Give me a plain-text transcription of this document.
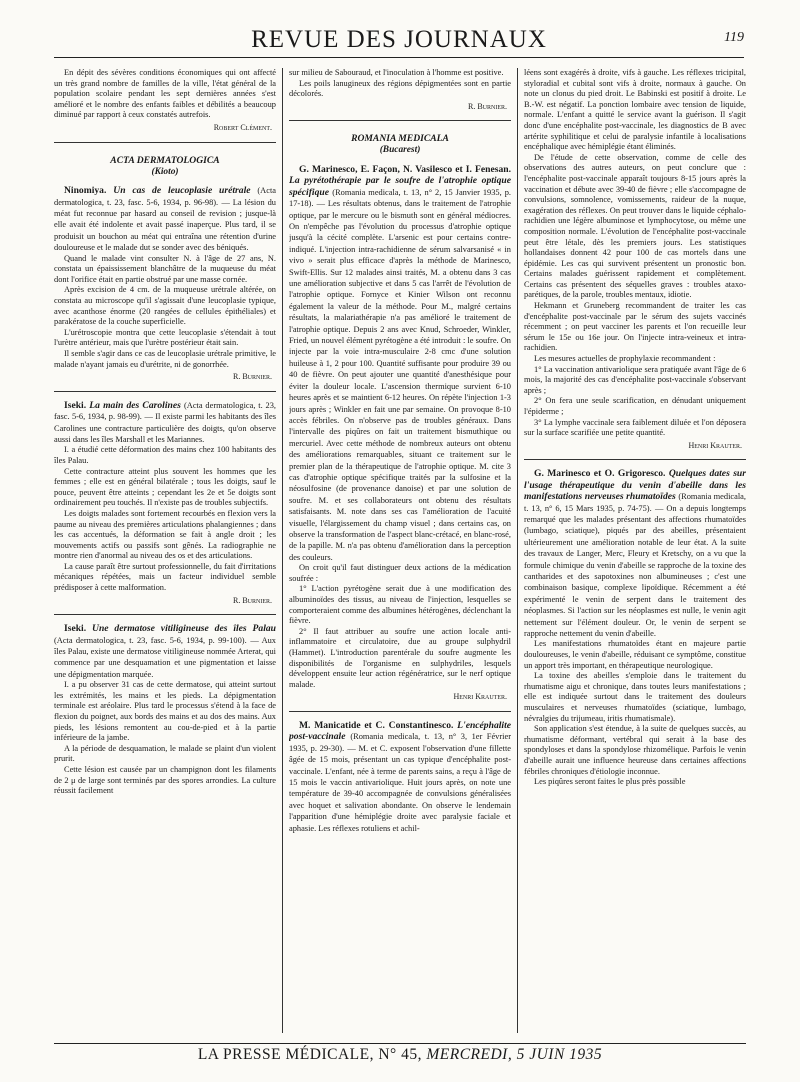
REVUE DES JOURNAUX	119

En dépit des sévères conditions économiques qui ont affecté un très grand nombre de familles de la ville, l'état général de la population scolaire pendant les sept dernières années s'est amélioré et le nombre des enfants faibles et débilités a beaucoup diminué par rapport à ceux constatés autrefois.

Robert Clément.
ACTA DERMATOLOGICA
(Kioto)
Ninomiya. Un cas de leucoplasie urétrale (Acta dermatologica, t. 23, fasc. 5-6, 1934, p. 96-98). — La lésion du méat fut reconnue par hasard au conseil de revision ; jusque-là elle avait été indolente et avait passé inaperçue. Plus tard, il se produisit un bouchon au méat qui entraîna une rétention d'urine douloureuse et le malade dut se sonder avec des béniqués.

Quand le malade vint consulter N. à l'âge de 27 ans, N. constata un épaississement blanchâtre de la muqueuse du méat dont l'orifice était en partie obstrué par une masse cornée.

Après excision de 4 cm. de la muqueuse urétrale altérée, on constata au microscope qu'il s'agissait d'une leucoplasie typique, avec acanthose énorme (20 rangées de cellules épithéliales) et parakératose de la couche superficielle.

L'urétroscopie montra que cette leucoplasie s'étendait à tout l'urètre antérieur, mais que l'urètre postérieur était sain.

Il semble s'agir dans ce cas de leucoplasie urétrale primitive, le malade n'ayant jamais eu d'urétrite, ni de gonorrhée.

R. Burnier.
Iseki. La main des Carolines (Acta dermatologica, t. 23, fasc. 5-6, 1934, p. 98-99). — Il existe parmi les habitants des îles Carolines une contracture particulière des doigts, qu'on observe aussi dans les îles Marshall et les Mariannes.

I. a étudié cette déformation des mains chez 100 habitants des îles Palau.

Cette contracture atteint plus souvent les hommes que les femmes ; elle est en général bilatérale ; tous les doigts, sauf le pouce, peuvent être atteints ; cependant les 2e et 5e doigts sont ordinairement peu touchés. Il n'existe pas de troubles subjectifs.

Les doigts malades sont fortement recourbés en flexion vers la paume au niveau des premières articulations phalangiennes ; dans les cas accentués, la déformation se fait à angle droit ; les mouvements actifs ou passifs sont gênés. La radiographie ne montre rien d'anormal au niveau des os et des articulations.

La cause paraît être surtout professionnelle, du fait d'irritations mécaniques répétées, mais un facteur individuel semble prédisposer à cette malformation.

R. Burnier.
Iseki. Une dermatose vitiligineuse des îles Palau (Acta dermatologica, t. 23, fasc. 5-6, 1934, p. 99-100). — Aux îles Palau, existe une dermatose vitiligineuse nommée Arterat, qui commence par une desquamation et une pigmentation et laisse une dépigmentation marquée.

I. a pu observer 31 cas de cette dermatose, qui atteint surtout les extrémités, les mains et les pieds. La dépigmentation terminale est aréolaire. Plus tard le processus s'étend à la face de flexion du poignet, aux bords des mains et au dos des mains. Aux pieds, les lésions remontent au cou-de-pied et à la partie inférieure de la jambe.

A la période de desquamation, le malade se plaint d'un violent prurit.

Cette lésion est causée par un champignon dont les filaments de 2 μ de large sont terminés par des spores arrondies. La culture réussit facilement

sur milieu de Sabouraud, et l'inoculation à l'homme est positive.

Les poils lanugineux des régions dépigmentées sont en partie décolorés.

R. Burnier.
ROMANIA MEDICALA
(Bucarest)
G. Marinesco, E. Façon, N. Vasilesco et I. Fenesan. La pyrétothérapie par le soufre de l'atrophie optique spécifique (Romania medicala, t. 13, n° 2, 15 Janvier 1935, p. 17-18). — Les résultats obtenus, dans le traitement de l'atrophie optique, par le mercure ou le bismuth sont en général médiocres. On n'empêche pas l'évolution du processus d'atrophie optique jusqu'à la cécité complète. L'arsenic est pour certains contre-indiqué. L'injection intra-rachidienne de sérum salvarsanisé « in vivo » serait plus efficace d'après la méthode de Marinesco, Swift-Ellis. Sur 12 malades ainsi traités, M. a obtenu dans 3 cas une amélioration subjective et dans 5 cas l'arrêt de l'évolution de l'atrophie optique. Fornyce et Kinier Wilson ont reconnu également la valeur de la méthode. Pour M., malgré certains résultats, la malariathérapie n'a pas amélioré le traitement de l'atrophie optique. Depuis 2 ans avec Knud, Schroeder, Winkler, Fried, un nouvel élément pyrétogène a été introduit : le soufre. On injecte par la voie intra-musculaire 2-8 cmc d'une solution huileuse à 1, 2 pour 100. Quantité suffisante pour produire 39 ou 40 de fièvre. On peut ajouter une quantité d'anesthésique pour éviter la douleur locale. L'ascension thermique survient 6-10 heures après et se maintient 6-12 heures. On répète l'injection 1-3 jours après ; Winkler en fait une par semaine. On provoque 8-10 accès fébriles. On n'observe pas de troubles généraux. Dans l'intervalle des piqûres on fait un traitement bismuthique ou mercuriel. Avec cette méthode de nombreux auteurs ont obtenu des améliorations remarquables, situant ce traitement sur le premier plan de la thérapeutique de l'atrophie optique. M. cite 3 cas d'atrophie optique spécifique traités par la sulfosine et la néosulfosine (de provenance danoise) et par une solution de soufre. M. et ses collaborateurs ont obtenu des résultats satisfaisants. M. note dans ses cas l'amélioration de l'acuité visuelle, l'élargissement du champ visuel ; dans certains cas, on observe la transformation de l'aspect blanc-crétacé, en blanc-rosé, de la papille. M. n'a pas obtenu d'amélioration dans la perception des couleurs.

On croit qu'il faut distinguer deux actions de la médication soufrée :

1° L'action pyrétogène serait due à une modification des albuminoïdes des tissus, au niveau de l'injection, lesquelles se comporteraient comme des albumines hétérogènes, déclenchant la fièvre.

2° Il faut attribuer au soufre une action locale anti-inflammatoire et circulatoire, due au groupe sulphydril (Hammet). L'introduction parentérale du soufre augmente les disponibilités de l'organisme en sulphydriles, lesquels développent ensuite leur action régénératrice, sur le nerf optique malade.

Henri Krauter.
M. Manicatide et C. Constantinesco. L'encéphalite post-vaccinale (Romania medicala, t. 13, n° 3, 1er Février 1935, p. 29-30). — M. et C. exposent l'observation d'une fillette âgée de 15 mois, présentant un cas typique d'encéphalite post-vaccinale. L'enfant, née à terme de parents sains, a reçu à l'âge de 15 mois le vaccin antivariolique. Huit jours après, on note une température de 39-40 accompagnée de convulsions généralisées avec hoquet et salivation abondante. On observe le lendemain l'apparition d'une hémiplégie droite avec paralysie faciale et aphasie. Les réflexes rotuliens et achil-

léens sont exagérés à droite, vifs à gauche. Les réflexes tricipital, styloradial et cubital sont vifs à droite, normaux à gauche. On note un clonus du pied droit. Le Babinski est positif à droite. Le B.-W. est négatif. La ponction lombaire avec tension de liquide, normale. L'enfant a quitté le service avant la guérison. Il s'agit donc d'une encéphalite post-vaccinale, les diagnostics de B avec artérite syphilitique et celui de paralysie infantile à localisations encéphalique avec hémiplégie étant éliminés.

De l'étude de cette observation, comme de celle des observations des autres auteurs, on peut conclure que : l'encéphalite post-vaccinale apparaît toujours 8-15 jours après la vaccination et débute avec 39-40 de fièvre ; elle s'accompagne de convulsions, somnolence, vomissements, raideur de la nuque, exagération des réflexes. On peut trouver dans le liquide céphalo-rachidien une légère albuminose et lymphocytose, ou même une composition normale. L'évolution de l'encéphalite post-vaccinale peut être létale, dès les premiers jours. Les statistiques hollandaises donnent 42 pour 100 de cas mortels dans une épidémie. Les cas qui survivent présentent un pronostic bon. Certains malades guérissent rapidement et complètement. Certains cas présentent des séquelles graves : troubles ataxo-parétiques, de la parole, troubles mentaux, idiotie.

Hekmann et Gruneberg recommandent de traiter les cas d'encéphalite post-vaccinale par le sérum des sujets vaccinés récemment ; on peut vacciner les parents et l'on recueille leur sérum le 15e ou 16e jour. On l'injecte intra-veineux et intra-rachidien.

Les mesures actuelles de prophylaxie recommandent :

1° La vaccination antivariolique sera pratiquée avant l'âge de 6 mois, la majorité des cas d'encéphalite post-vaccinale s'observant après ;

2° On fera une seule scarification, en dénudant uniquement l'épiderme ;

3° La lymphe vaccinale sera faiblement diluée et l'on déposera sur la surface scarifiée une petite quantité.

Henri Krauter.
G. Marinesco et O. Grigoresco. Quelques dates sur l'usage thérapeutique du venin d'abeille dans les manifestations nerveuses rhumatoïdes (Romania medicala, t. 13, n° 6, 15 Mars 1935, p. 74-75). — On a depuis longtemps remarqué que les malades présentant des affections rhumatoïdes (lumbago, sciatique), piqués par des abeilles, présentaient ultérieurement une amélioration notable de leur état. A la suite des travaux de Langer, Merc, Fleury et Kretschy, on a vu que la formule chimique du venin d'abeille se rapproche de la toxine des cantharides et des sapotoxines non albumineuses ; c'est une combinaison basique, complexe lipoïdique. Récemment a été expérimenté le venin de serpent dans le traitement des néoplasmes. Si l'action sur les néoplasmes est nulle, le venin agit nettement sur l'élément douleur. Or, le venin de serpent se rapproche nettement du venin d'abeille.

Les manifestations rhumatoïdes étant en majeure partie douloureuses, le venin d'abeille, réduisant ce symptôme, constitue un apport très important, en thérapeutique neurologique.

La toxine des abeilles s'emploie dans le traitement du rhumatisme aigu et chronique, dans toutes leurs manifestations ; elle est indiquée surtout dans le traitement des douleurs musculaires et nerveuses rhumatoïdes (sciatique, lumbago, névralgies du trijumeau, iritis rhumatismale).

Son application s'est étendue, à la suite de quelques succès, au rhumatisme déformant, vertébral qui serait à la base des spondyloses et dans la spondylose rhizomélique. Parfois le venin d'abeille aurait une influence heureuse dans certaines affections fébriles chroniques d'étiologie inconnue.

Les piqûres seront faites le plus près possible

LA PRESSE MÉDICALE, N° 45, MERCREDI, 5 JUIN 1935
